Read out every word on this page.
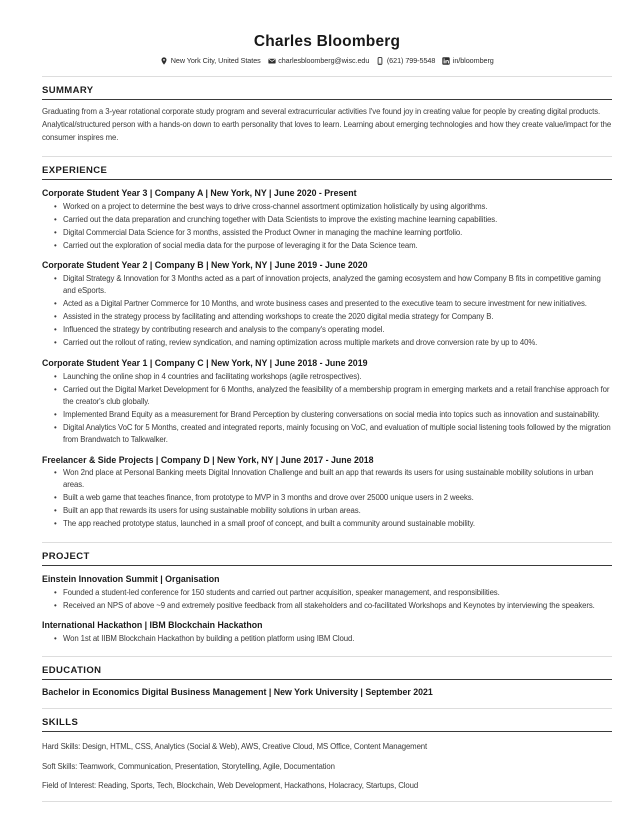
Charles Bloomberg
New York City, United States charlesbloomberg@wisc.edu (621) 799-5548 in/bloomberg
SUMMARY

Graduating from a 3-year rotational corporate study program and several extracurricular activities I've found joy in creating value for people by creating digital products. Analytical/structured person with a hands-on down to earth personality that loves to learn. Learning about emerging technologies and how they create value/impact for the consumer inspires me.

EXPERIENCE
Corporate Student Year 3 | Company A | New York, NY | June 2020 - Present
• Worked on a project to determine the best ways to drive cross-channel assortment optimization holistically by using algorithms.
• Carried out the data preparation and crunching together with Data Scientists to improve the existing machine learning capabilities.
• Digital Commercial Data Science for 3 months, assisted the Product Owner in managing the machine learning portfolio.
• Carried out the exploration of social media data for the purpose of leveraging it for the Data Science team.
Corporate Student Year 2 | Company B | New York, NY | June 2019 - June 2020
• Digital Strategy & Innovation for 3 Months acted as a part of innovation projects, analyzed the gaming ecosystem and how Company B fits in competitive gaming and eSports.
• Acted as a Digital Partner Commerce for 10 Months, and wrote business cases and presented to the executive team to secure investment for new initiatives.
• Assisted in the strategy process by facilitating and attending workshops to create the 2020 digital media strategy for Company B.
• Influenced the strategy by contributing research and analysis to the company's operating model.
• Carried out the rollout of rating, review syndication, and naming optimization across multiple markets and drove conversion rate by up to 40%.
Corporate Student Year 1 | Company C | New York, NY | June 2018 - June 2019
• Launching the online shop in 4 countries and facilitating workshops (agile retrospectives).
• Carried out the Digital Market Development for 6 Months, analyzed the feasibility of a membership program in emerging markets and a retail franchise approach for the creator's club globally.
• Implemented Brand Equity as a measurement for Brand Perception by clustering conversations on social media into topics such as innovation and sustainability.
• Digital Analytics VoC for 5 Months, created and integrated reports, mainly focusing on VoC, and evaluation of multiple social listening tools followed by the migration from Brandwatch to Talkwalker.
Freelancer & Side Projects | Company D | New York, NY | June 2017 - June 2018
• Won 2nd place at Personal Banking meets Digital Innovation Challenge and built an app that rewards its users for using sustainable mobility solutions in urban areas.
• Built a web game that teaches finance, from prototype to MVP in 3 months and drove over 25000 unique users in 2 weeks.
• Built an app that rewards its users for using sustainable mobility solutions in urban areas.
• The app reached prototype status, launched in a small proof of concept, and built a community around sustainable mobility.
PROJECT
Einstein Innovation Summit | Organisation
• Founded a student-led conference for 150 students and carried out partner acquisition, speaker management, and responsibilities.
• Received an NPS of above ~9 and extremely positive feedback from all stakeholders and co-facilitated Workshops and Keynotes by interviewing the speakers.
International Hackathon | IBM Blockchain Hackathon
• Won 1st at IIBM Blockchain Hackathon by building a petition platform using IBM Cloud.
EDUCATION

Bachelor in Economics Digital Business Management | New York University | September 2021

SKILLS

Hard Skills: Design, HTML, CSS, Analytics (Social & Web), AWS, Creative Cloud, MS Office, Content Management

Soft Skills: Teamwork, Communication, Presentation, Storytelling, Agile, Documentation

Field of Interest: Reading, Sports, Tech, Blockchain, Web Development, Hackathons, Holacracy, Startups, Cloud
